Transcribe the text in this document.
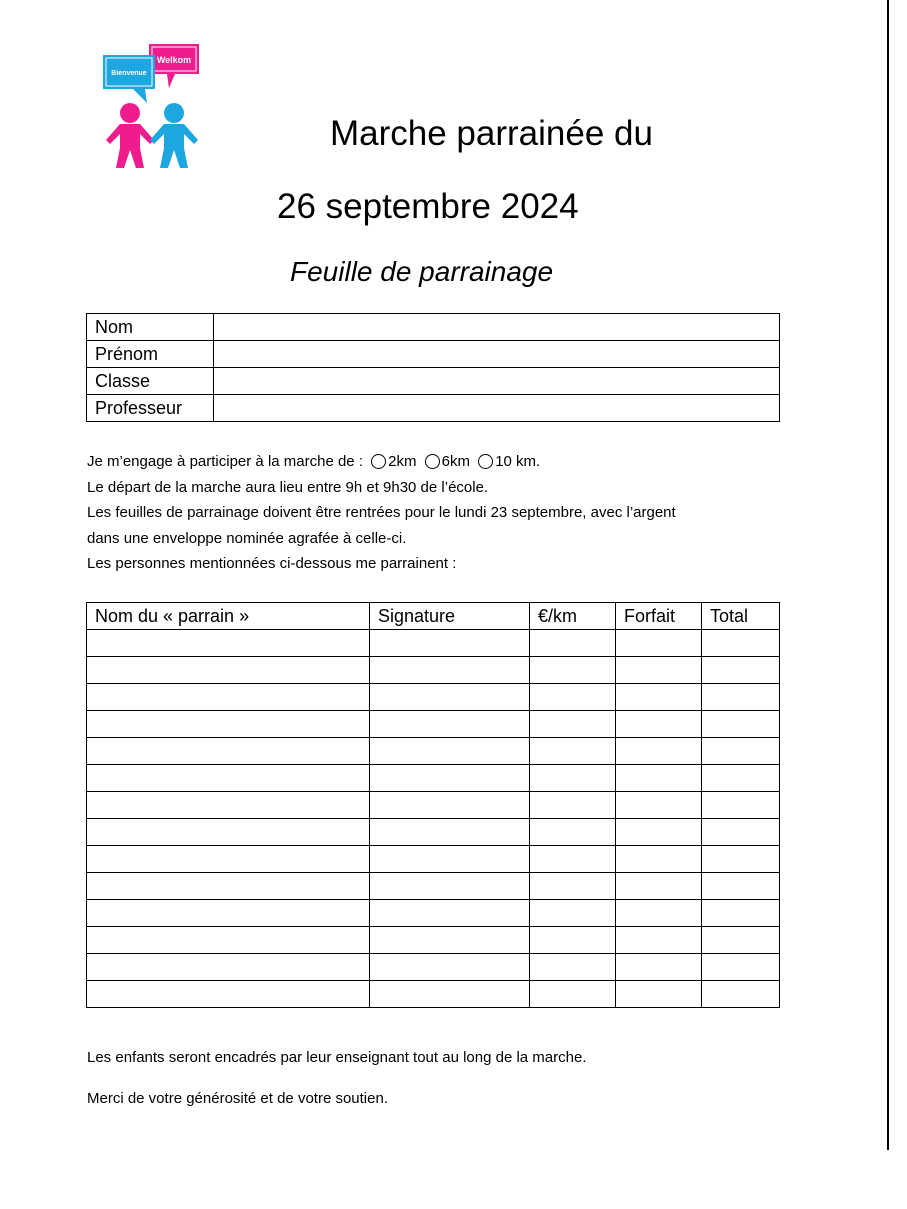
Welkom
Bienvenue
Marche parrainée du
26 septembre 2024
Feuille de parrainage
Nom	
Prénom	
Classe	
Professeur	
Je m’engage à participer à la marche de : 2km 6km 10 km.
Le départ de la marche aura lieu entre 9h et 9h30 de l’école.
Les feuilles de parrainage doivent être rentrées pour le lundi 23 septembre, avec l’argent
dans une enveloppe nominée agrafée à celle-ci.
Les personnes mentionnées ci-dessous me parrainent :
Nom du « parrain »	Signature	€/km	Forfait	Total

Les enfants seront encadrés par leur enseignant tout au long de la marche.
Merci de votre générosité et de votre soutien.
